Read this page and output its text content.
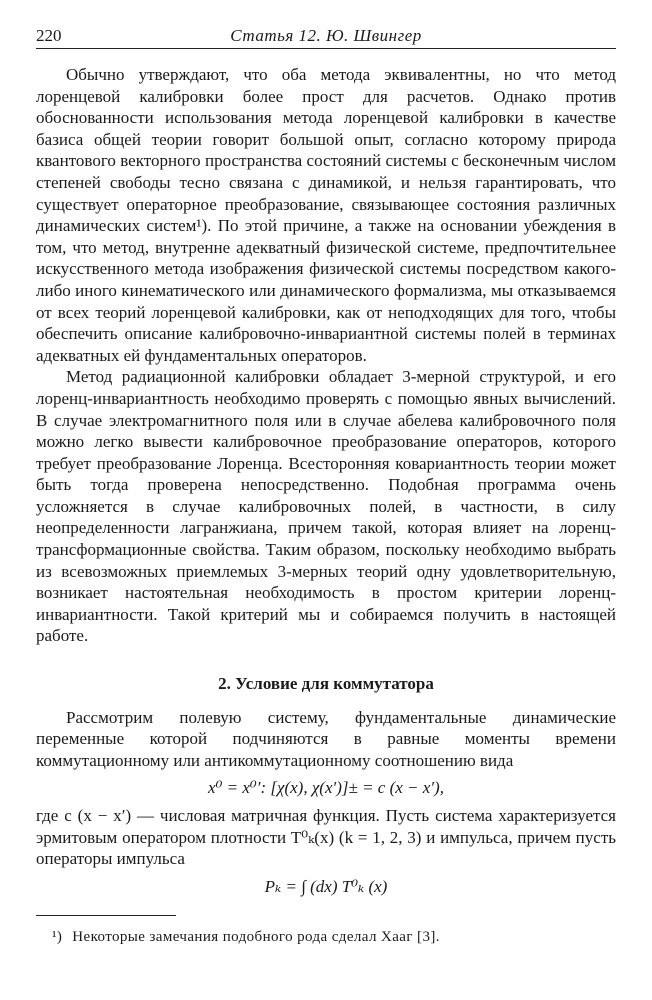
220	Статья 12. Ю. Швингер

Обычно утверждают, что оба метода эквивалентны, но что метод лоренцевой калибровки более прост для расчетов. Однако против обоснованности использования метода лоренцевой калибровки в качестве базиса общей теории говорит большой опыт, согласно которому природа квантового векторного пространства состояний системы с бесконечным числом степеней свободы тесно связана с динамикой, и нельзя гарантировать, что существует операторное преобразование, связывающее состояния различных динамических систем¹). По этой причине, а также на основании убеждения в том, что метод, внутренне адекватный физической системе, предпочтительнее искусственного метода изображения физической системы посредством какого-либо иного кинематического или динамического формализма, мы отказываемся от всех теорий лоренцевой калибровки, как от неподходящих для того, чтобы обеспечить описание калибровочно-инвариантной системы полей в терминах адекватных ей фундаментальных операторов.

Метод радиационной калибровки обладает 3-мерной структурой, и его лоренц-инвариантность необходимо проверять с помощью явных вычислений. В случае электромагнитного поля или в случае абелева калибровочного поля можно легко вывести калибровочное преобразование операторов, которого требует преобразование Лоренца. Всесторонняя ковариантность теории может быть тогда проверена непосредственно. Подобная программа очень усложняется в случае калибровочных полей, в частности, в силу неопределенности лагранжиана, причем такой, которая влияет на лоренц-трансформационные свойства. Таким образом, поскольку необходимо выбрать из всевозможных приемлемых 3-мерных теорий одну удовлетворительную, возникает настоятельная необходимость в простом критерии лоренц-инвариантности. Такой критерий мы и собираемся получить в настоящей работе.

2. Условие для коммутатора

Рассмотрим полевую систему, фундаментальные динамические переменные которой подчиняются в равные моменты времени коммутационному или антикоммутационному соотношению вида

x⁰ = x⁰′: [χ(x), χ(x′)]± = c (x − x′),

где c (x − x′) — числовая матричная функция. Пусть система характеризуется эрмитовым оператором плотности T⁰ₖ(x) (k = 1, 2, 3) и импульса, причем пусть операторы импульса

Pₖ = ∫ (dx) T⁰ₖ (x)
¹) Некоторые замечания подобного рода сделал Хааг [3].
